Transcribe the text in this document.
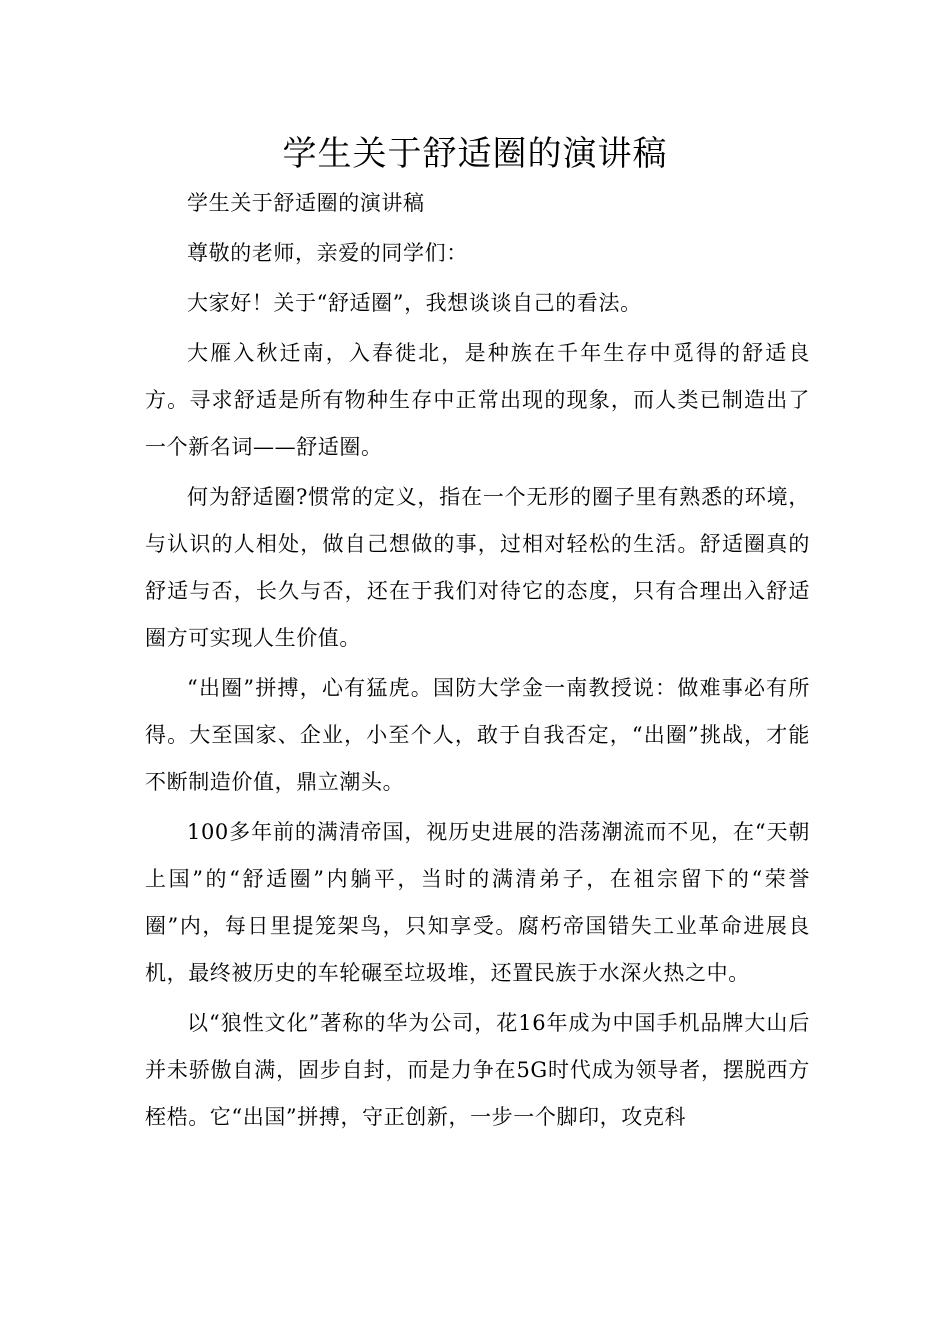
学生关于舒适圈的演讲稿

学生关于舒适圈的演讲稿

尊敬的老师，亲爱的同学们：

大家好！关于“舒适圈”，我想谈谈自己的看法。

大雁入秋迁南，入春徙北，是种族在千年生存中觅得的舒适良方。寻求舒适是所有物种生存中正常出现的现象，而人类已制造出了一个新名词——舒适圈。

何为舒适圈?惯常的定义，指在一个无形的圈子里有熟悉的环境，与认识的人相处，做自己想做的事，过相对轻松的生活。舒适圈真的舒适与否，长久与否，还在于我们对待它的态度，只有合理出入舒适圈方可实现人生价值。

“出圈”拼搏，心有猛虎。国防大学金一南教授说：做难事必有所得。大至国家、企业，小至个人，敢于自我否定，“出圈”挑战，才能不断制造价值，鼎立潮头。

100多年前的满清帝国，视历史进展的浩荡潮流而不见，在“天朝上国”的“舒适圈”内躺平，当时的满清弟子，在祖宗留下的“荣誉圈”内，每日里提笼架鸟，只知享受。腐朽帝国错失工业革命进展良机，最终被历史的车轮碾至垃圾堆，还置民族于水深火热之中。

以“狼性文化”著称的华为公司，花16年成为中国手机品牌大山后并未骄傲自满，固步自封，而是力争在5G时代成为领导者，摆脱西方桎梏。它“出国”拼搏，守正创新，一步一个脚印，攻克科
